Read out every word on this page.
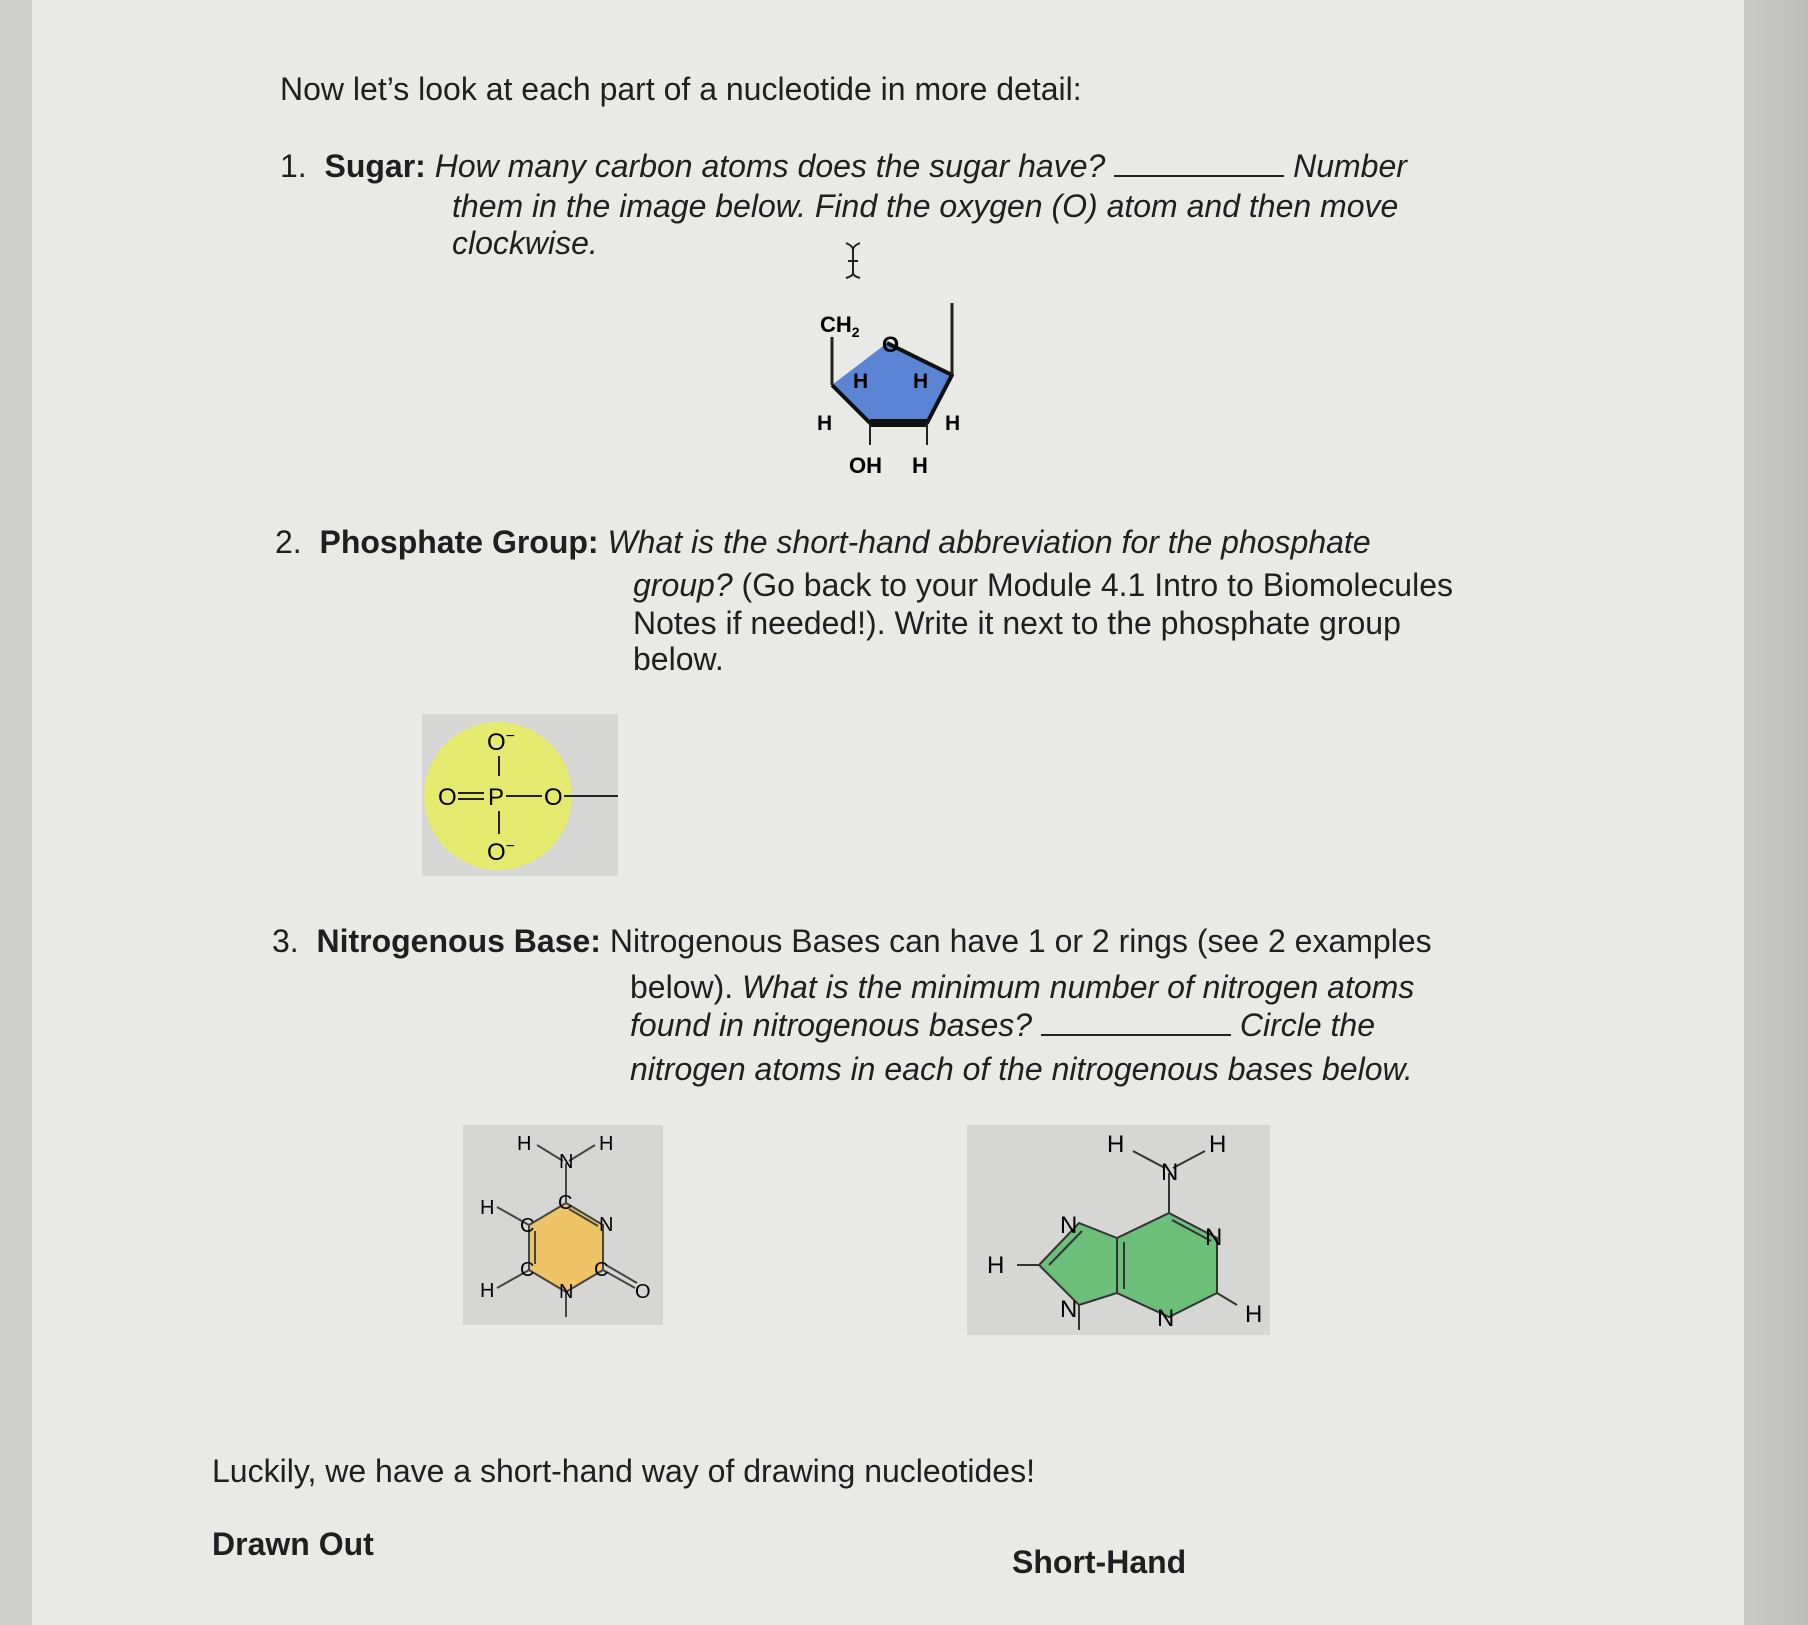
Now let’s look at each part of a nucleotide in more detail:

1. Sugar: How many carbon atoms does the sugar have?	Number

them in the image below. Find the oxygen (O) atom and then move

clockwise.

$CH_2$ O
H H
H	H
OH H

2. Phosphate Group: What is the short-hand abbreviation for the phosphate

group? (Go back to your Module 4.1 Intro to Biomolecules

Notes if needed!). Write it next to the phosphate group

below.

O−
O P O
O−

3. Nitrogenous Base: Nitrogenous Bases can have 1 or 2 rings (see 2 examples

below). What is the minimum number of nitrogen atoms

found in nitrogenous bases?	Circle the

nitrogen atoms in each of the nitrogenous bases below.

H
N
H
C
H
C	N
C	C
H	N	O
H
N
H
N	N
H
N	N	H

Luckily, we have a short-hand way of drawing nucleotides!

Drawn Out	Short-Hand
